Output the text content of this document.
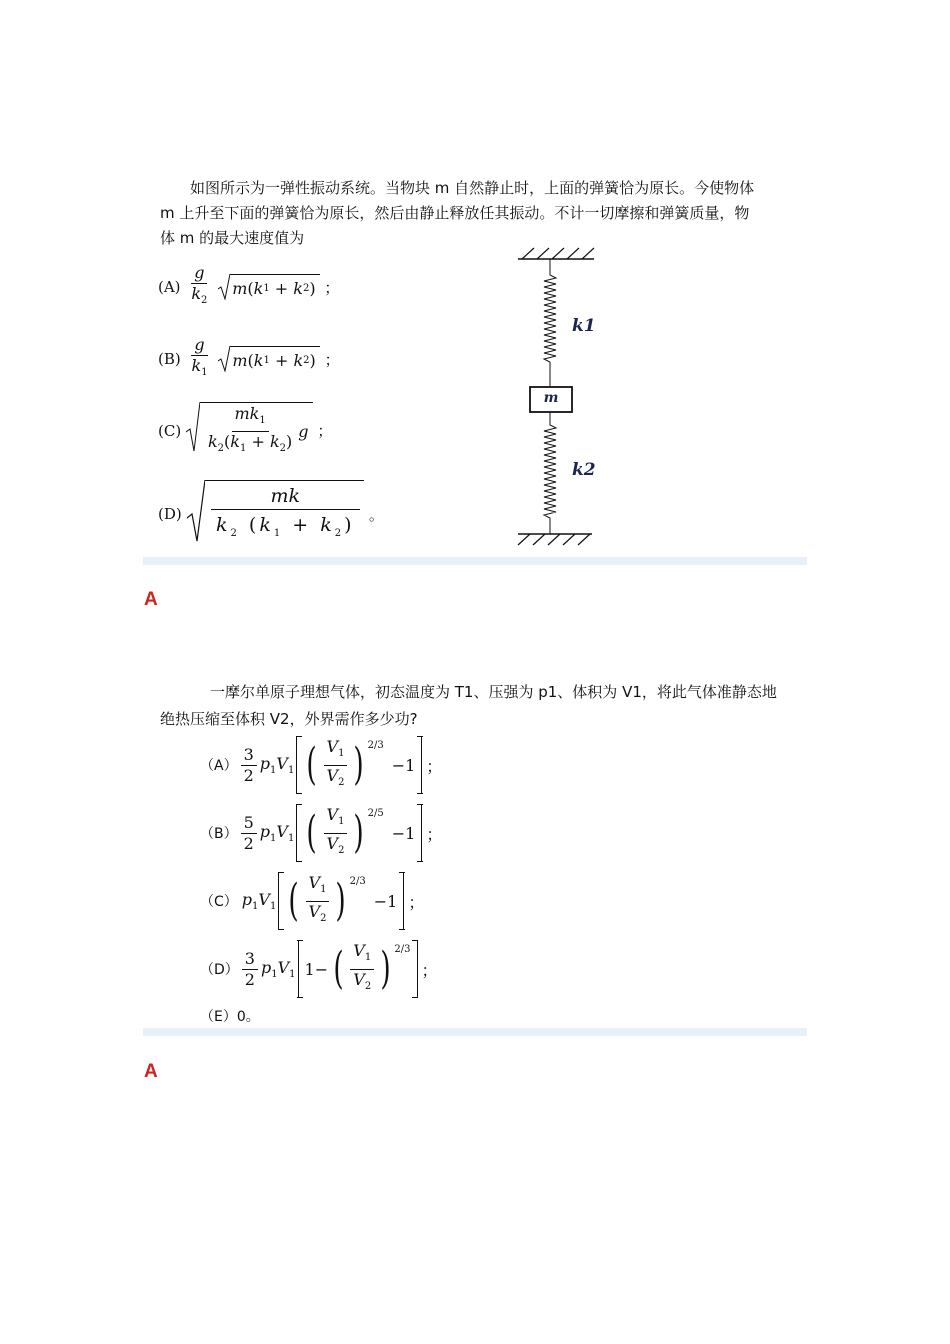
如图所示为一弹性振动系统。当物块 m 自然静止时，上面的弹簧恰为原长。今使物体
m 上升至下面的弹簧恰为原长，然后由静止释放任其振动。不计一切摩擦和弹簧质量，物
体 m 的最大速度值为
$(A) \frac{g}{k_2}$
m ( k 1 + k 2 ) ；
$(B) \frac{g}{k_1}$
m ( k 1 + k 2 ) ；
$(C) \frac{mk_1}{k_2(k_1 + k_2)}$ g ；
$(D) \frac{mk}{k_2 (k_1 + k_2)}$ 。
k1
m
k2
A
一摩尔单原子理想气体，初态温度为 T1、压强为 p1、体积为 V1，将此气体准静态地
绝热压缩至体积 V2，外界需作多少功?
$(A) \frac{3}{2} p_1V_1$ ( $\frac{V_1}{V_2}$ ) $^{2/3}$
−1 ；
$(B) \frac{5}{2} p_1V_1$ ( $\frac{V_1}{V_2}$ ) $^{2/5}$
−1 ；
（C） $p_1V_1$ ( $\frac{V_1}{V_2}$ ) $^{2/3}$
−1 ；
$(D) \frac{3}{2} p_1V_1$ 1− ( $\frac{V_1}{V_2}$ ) $^{2/3}$
；
（E）0。
A
